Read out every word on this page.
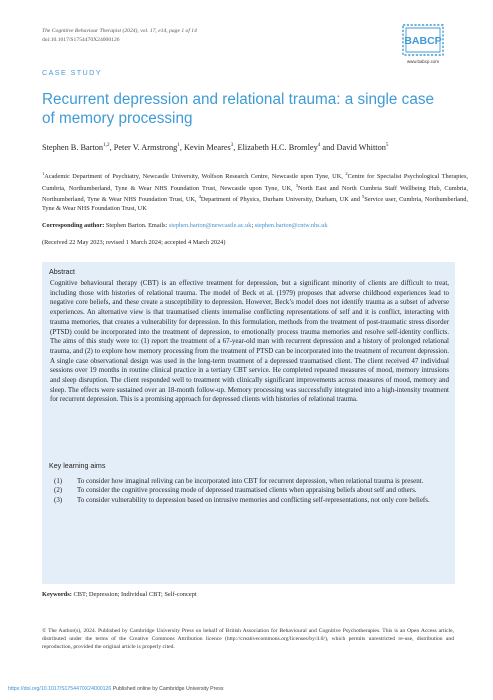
The Cognitive Behaviour Therapist (2024), vol. 17, e14, page 1 of 14
doi:10.1017/S1754470X24000126	BABCP
www.babcp.com
CASE STUDY
Recurrent depression and relational trauma: a single case of memory processing
Stephen B. Barton$^{1,2}$, Peter V. Armstrong$^1$, Kevin Meares$^3$, Elizabeth H.C. Bromley$^4$ and David Whitton$^5$
$^1$Academic Department of Psychiatry, Newcastle University, Wolfson Research Centre, Newcastle upon Tyne, UK, $^2$Centre for Specialist Psychological Therapies, Cumbria, Northumberland, Tyne & Wear NHS Foundation Trust, Newcastle upon Tyne, UK, $^3$North East and North Cumbria Staff Wellbeing Hub, Cumbria, Northumberland, Tyne & Wear NHS Foundation Trust, UK, $^4$Department of Physics, Durham University, Durham, UK and $^5$Service user, Cumbria, Northumberland, Tyne & Wear NHS Foundation Trust, UK
Corresponding author: Stephen Barton. Emails: stephen.barton@newcastle.ac.uk; stephen.barton@cntw.nhs.uk
(Received 22 May 2023; revised 1 March 2024; accepted 4 March 2024)
Abstract

Cognitive behavioural therapy (CBT) is an effective treatment for depression, but a significant minority of clients are difficult to treat, including those with histories of relational trauma. The model of Beck et al. (1979) proposes that adverse childhood experiences lead to negative core beliefs, and these create a susceptibility to depression. However, Beck’s model does not identify trauma as a subset of adverse experiences. An alternative view is that traumatised clients internalise conflicting representations of self and it is conflict, interacting with trauma memories, that creates a vulnerability for depression. In this formulation, methods from the treatment of post-traumatic stress disorder (PTSD) could be incorporated into the treatment of depression, to emotionally process trauma memories and resolve self-identity conflicts. The aims of this study were to: (1) report the treatment of a 67-year-old man with recurrent depression and a history of prolonged relational trauma, and (2) to explore how memory processing from the treatment of PTSD can be incorporated into the treatment of recurrent depression. A single case observational design was used in the long-term treatment of a depressed traumatised client. The client received 47 individual sessions over 19 months in routine clinical practice in a tertiary CBT service. He completed repeated measures of mood, memory intrusions and sleep disruption. The client responded well to treatment with clinically significant improvements across measures of mood, memory and sleep. The effects were sustained over an 18-month follow-up. Memory processing was successfully integrated into a high-intensity treatment for recurrent depression. This is a promising approach for depressed clients with histories of relational trauma.

Key learning aims
(1) To consider how imaginal reliving can be incorporated into CBT for recurrent depression, when relational trauma is present.
(2) To consider the cognitive processing mode of depressed traumatised clients when appraising beliefs about self and others.
(3) To consider vulnerability to depression based on intrusive memories and conflicting self-representations, not only core beliefs.
Keywords: CBT; Depression; Individual CBT; Self-concept
© The Author(s), 2024. Published by Cambridge University Press on behalf of British Association for Behavioural and Cognitive Psychotherapies. This is an Open Access article, distributed under the terms of the Creative Commons Attribution licence (http://creativecommons.org/licenses/by/4.0/), which permits unrestricted re-use, distribution and reproduction, provided the original article is properly cited.
https://doi.org/10.1017/S1754470X24000126 Published online by Cambridge University Press
